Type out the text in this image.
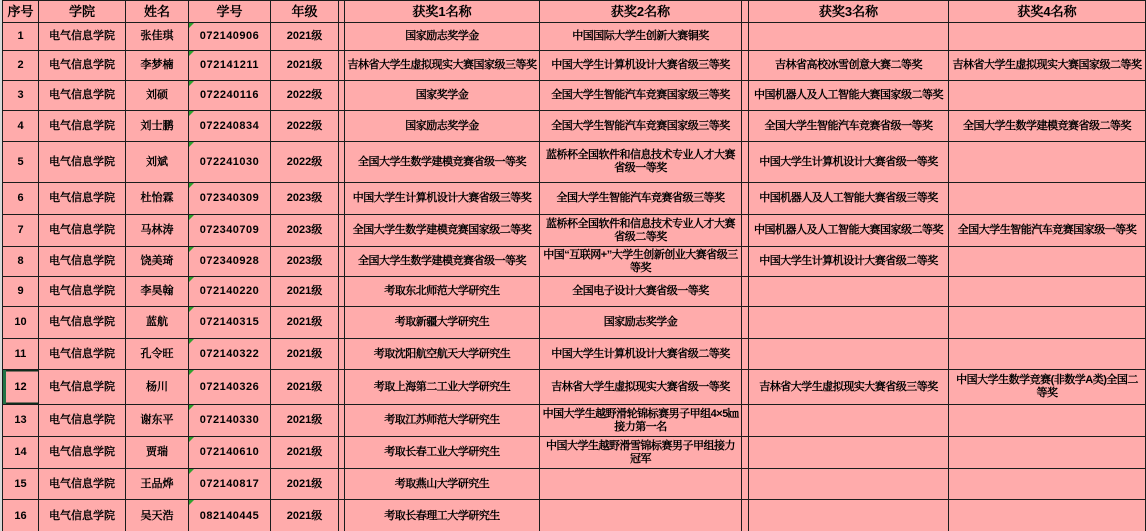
序号	学院	姓名	学号	年级		获奖1名称	获奖2名称		获奖3名称	获奖4名称
1	电气信息学院	张佳琪	072140906	2021级		国家励志奖学金	中国国际大学生创新大赛铜奖			
2	电气信息学院	李梦楠	072141211	2021级		吉林省大学生虚拟现实大赛国家级三等奖	中国大学生计算机设计大赛省级三等奖		吉林省高校冰雪创意大赛二等奖	吉林省大学生虚拟现实大赛国家级二等奖
3	电气信息学院	刘硕	072240116	2022级		国家奖学金	全国大学生智能汽车竞赛国家级三等奖		中国机器人及人工智能大赛国家级二等奖	
4	电气信息学院	刘士鹏	072240834	2022级		国家励志奖学金	全国大学生智能汽车竞赛国家级三等奖		全国大学生智能汽车竞赛省级一等奖	全国大学生数学建模竞赛省级二等奖
5	电气信息学院	刘斌	072241030	2022级		全国大学生数学建模竞赛省级一等奖	蓝桥杯全国软件和信息技术专业人才大赛省级一等奖		中国大学生计算机设计大赛省级一等奖	
6	电气信息学院	杜怡霖	072340309	2023级		中国大学生计算机设计大赛省级三等奖	全国大学生智能汽车竞赛省级三等奖		中国机器人及人工智能大赛省级三等奖	
7	电气信息学院	马林涛	072340709	2023级		全国大学生数学建模竞赛国家级二等奖	蓝桥杯全国软件和信息技术专业人才大赛省级二等奖		中国机器人及人工智能大赛国家级二等奖	全国大学生智能汽车竞赛国家级一等奖
8	电气信息学院	饶美琦	072340928	2023级		全国大学生数学建模竞赛省级一等奖	中国“互联网+”大学生创新创业大赛省级三等奖		中国大学生计算机设计大赛省级二等奖	
9	电气信息学院	李昊翰	072140220	2021级		考取东北师范大学研究生	全国电子设计大赛省级一等奖			
10	电气信息学院	蓝航	072140315	2021级		考取新疆大学研究生	国家励志奖学金			
11	电气信息学院	孔令旺	072140322	2021级		考取沈阳航空航天大学研究生	中国大学生计算机设计大赛省级二等奖			
12	电气信息学院	杨川	072140326	2021级		考取上海第二工业大学研究生	吉林省大学生虚拟现实大赛省级一等奖		吉林省大学生虚拟现实大赛省级三等奖	中国大学生数学竞赛(非数学A类)全国二等奖
13	电气信息学院	谢东平	072140330	2021级		考取江苏师范大学研究生	中国大学生越野滑轮锦标赛男子甲组4×5㎞接力第一名			
14	电气信息学院	贾瑞	072140610	2021级		考取长春工业大学研究生	中国大学生越野滑雪锦标赛男子甲组接力冠军			
15	电气信息学院	王品烨	072140817	2021级		考取燕山大学研究生				
16	电气信息学院	吴天浩	082140445	2021级		考取长春理工大学研究生				
